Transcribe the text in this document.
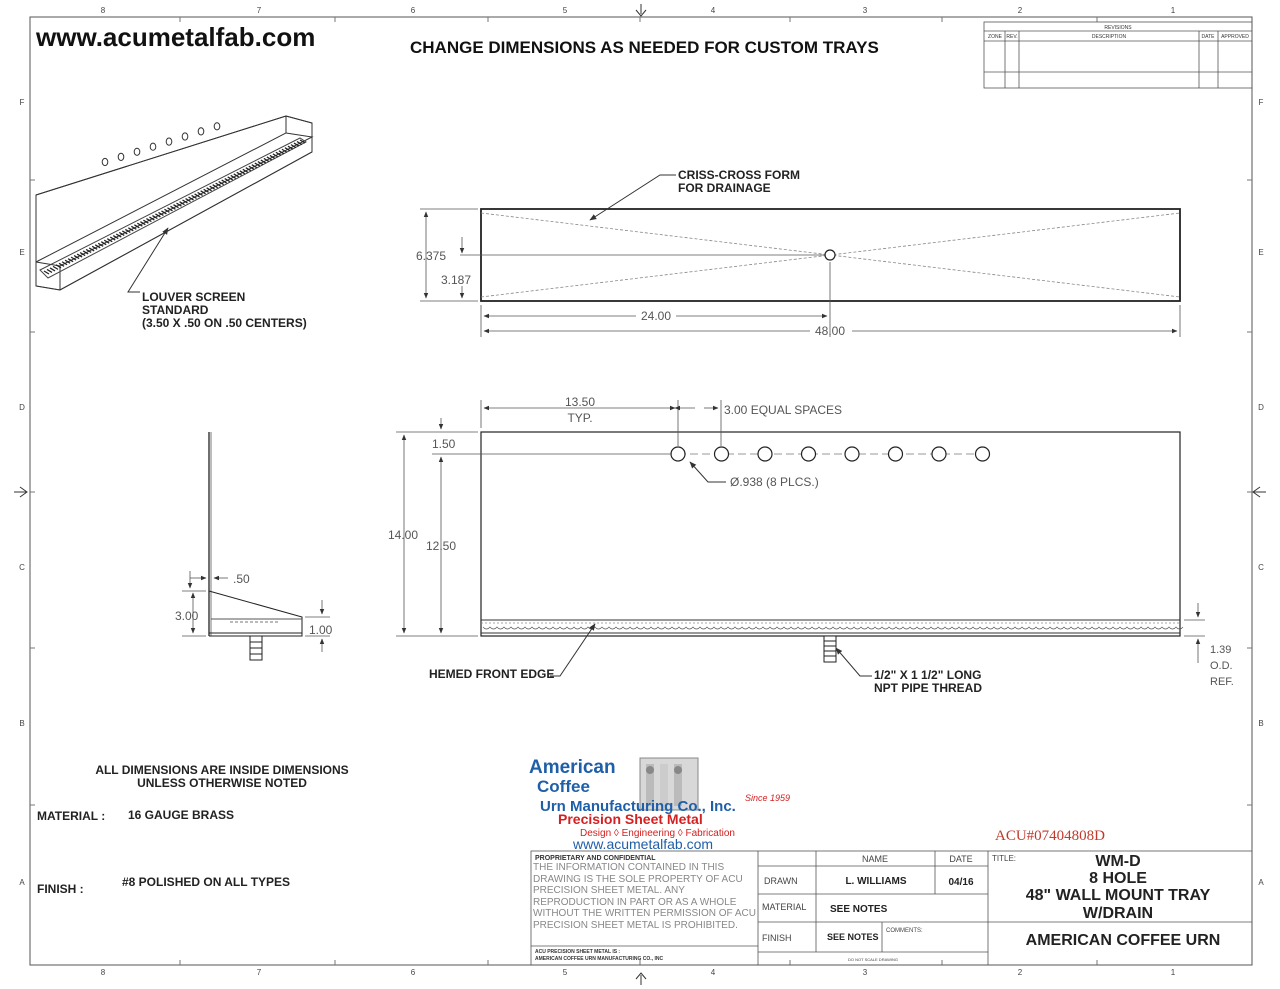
8	7	6	5	4	3	2	1
8	7	6	5	4	3	2	1
F
E
D
C
B
A
F
E
D
C
B
A
www.acumetalfab.com	CHANGE DIMENSIONS AS NEEDED FOR CUSTOM TRAYS
REVISIONS
ZONE REV.	DESCRIPTION	DATE APPROVED
LOUVER SCREEN
STANDARD
(3.50 X .50 ON .50 CENTERS)
CRISS-CROSS FORM
FOR DRAINAGE
6.375
3.187
24.00
48.00
13.50
TYP.
3.00 EQUAL SPACES
1.50
14.00
12.50
Ø.938 (8 PLCS.)
HEMED FRONT EDGE	1/2" X 1 1/2" LONG
NPT PIPE THREAD
1.39
O.D.
REF.
.50
3.00
1.00
ALL DIMENSIONS ARE INSIDE DIMENSIONS
UNLESS OTHERWISE NOTED
MATERIAL : 16 GAUGE BRASS
FINISH :	#8 POLISHED ON ALL TYPES
American
Coffee
Urn Manufacturing Co., Inc. Since 1959
Precision Sheet Metal
Design ◊ Engineering ◊ Fabrication
www.acumetalfab.com	ACU#07404808D
PROPRIETARY AND CONFIDENTIAL
THE INFORMATION CONTAINED IN THIS DRAWING IS THE SOLE PROPERTY OF ACU PRECISION SHEET METAL. ANY REPRODUCTION IN PART OR AS A WHOLE WITHOUT THE WRITTEN PERMISSION OF ACU PRECISION SHEET METAL IS PROHIBITED.
ACU PRECISION SHEET METAL IS :
AMERICAN COFFEE URN MANUFACTURING CO., INC
NAME	DATE
DRAWN	L. WILLIAMS	04/16
MATERIAL SEE NOTES
FINISH	SEE NOTES
COMMENTS:
DO NOT SCALE DRAWING
TITLE:	WM-D
8 HOLE
48" WALL MOUNT TRAY
W/DRAIN
AMERICAN COFFEE URN
